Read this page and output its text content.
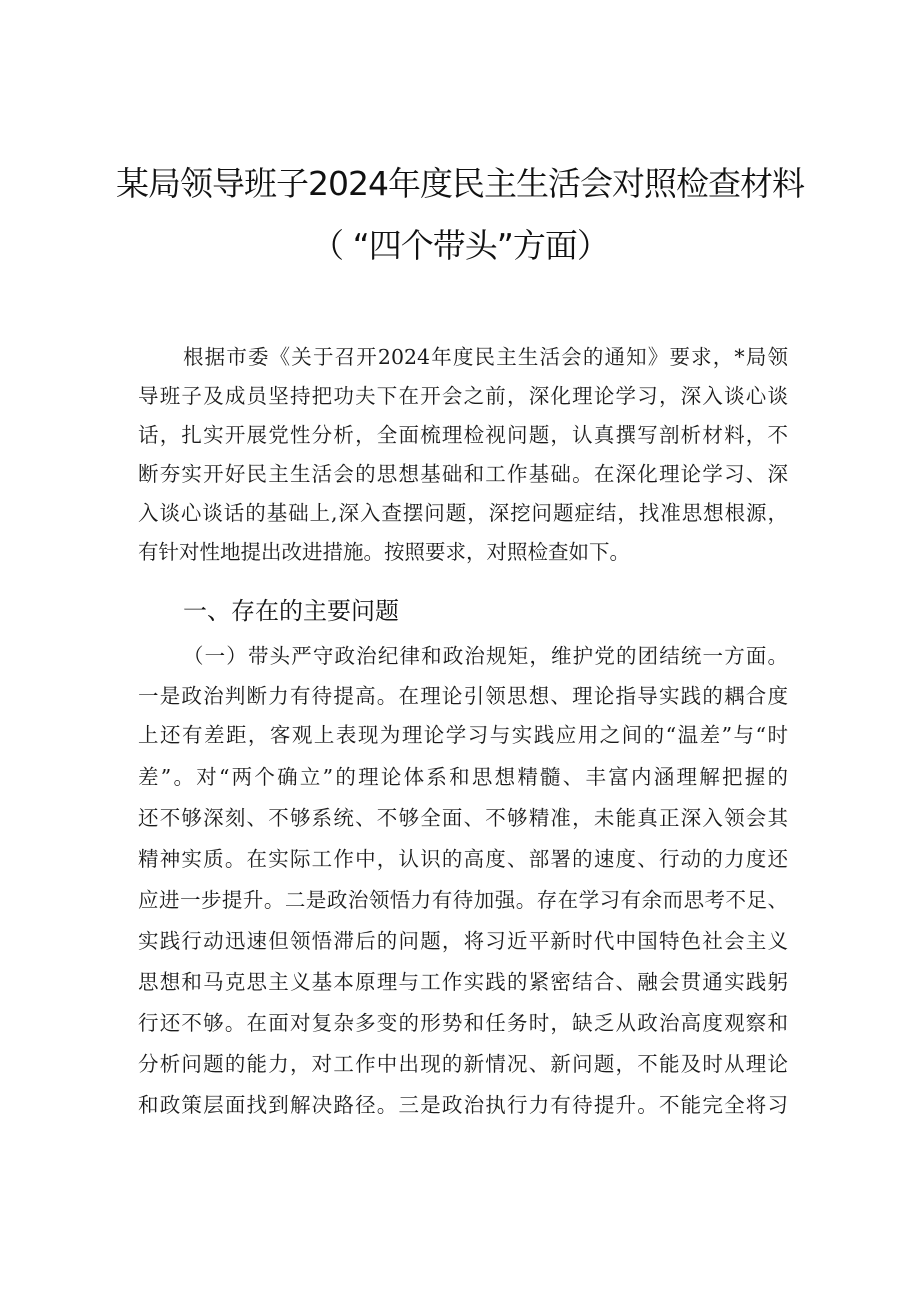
某局领导班子2024年度民主生活会对照检查材料
（ “四个带头”方面）
根据市委《关于召开2024年度民主生活会的通知》要求，*局领
导班子及成员坚持把功夫下在开会之前，深化理论学习，深入谈心谈
话，扎实开展党性分析，全面梳理检视问题，认真撰写剖析材料，不
断夯实开好民主生活会的思想基础和工作基础。在深化理论学习、深
入谈心谈话的基础上,深入查摆问题，深挖问题症结，找准思想根源，
有针对性地提出改进措施。按照要求，对照检查如下。
一、存在的主要问题
（一）带头严守政治纪律和政治规矩，维护党的团结统一方面。
一是政治判断力有待提高。在理论引领思想、理论指导实践的耦合度
上还有差距，客观上表现为理论学习与实践应用之间的“温差”与“时
差”。对“两个确立”的理论体系和思想精髓、丰富内涵理解把握的
还不够深刻、不够系统、不够全面、不够精准，未能真正深入领会其
精神实质。在实际工作中，认识的高度、部署的速度、行动的力度还
应进一步提升。二是政治领悟力有待加强。存在学习有余而思考不足、
实践行动迅速但领悟滞后的问题，将习近平新时代中国特色社会主义
思想和马克思主义基本原理与工作实践的紧密结合、融会贯通实践躬
行还不够。在面对复杂多变的形势和任务时，缺乏从政治高度观察和
分析问题的能力，对工作中出现的新情况、新问题，不能及时从理论
和政策层面找到解决路径。三是政治执行力有待提升。不能完全将习
